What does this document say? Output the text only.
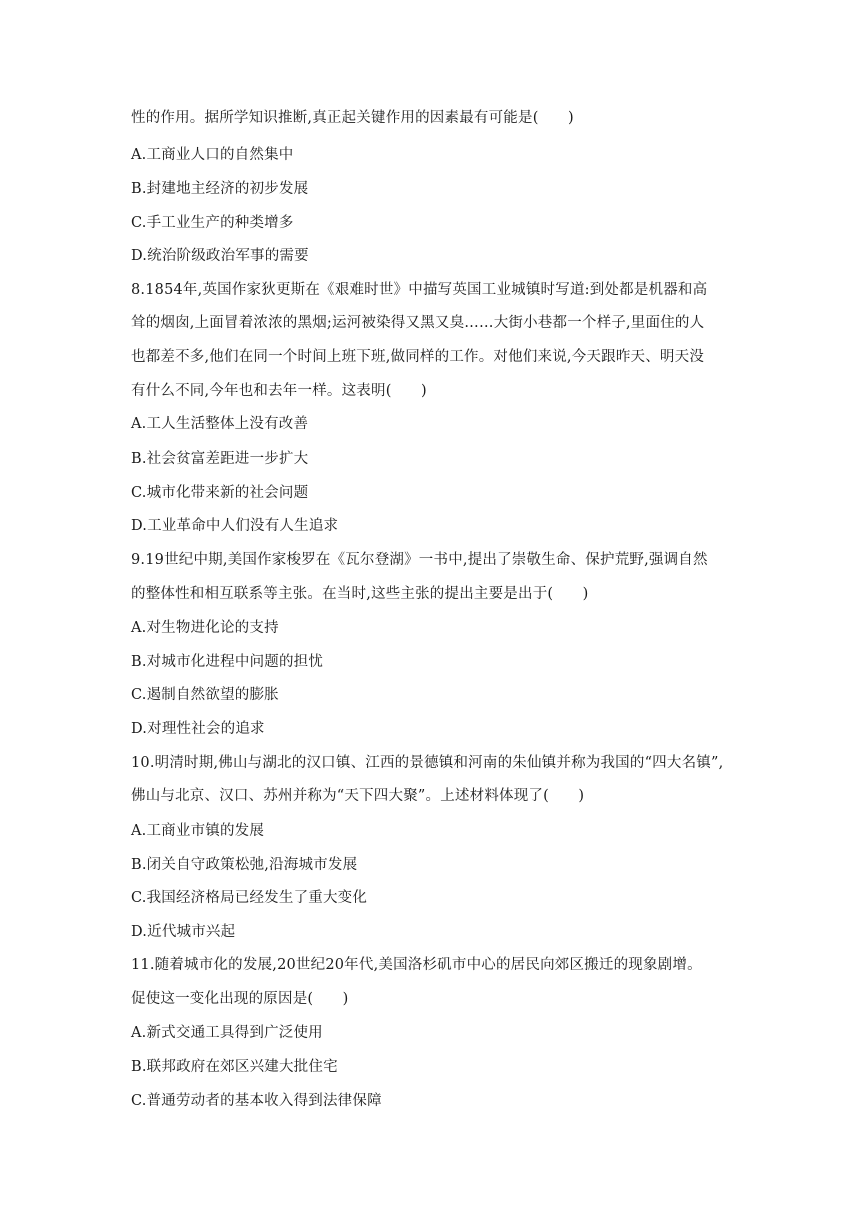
性的作用。据所学知识推断,真正起关键作用的因素最有可能是(　　)
A.工商业人口的自然集中
B.封建地主经济的初步发展
C.手工业生产的种类增多
D.统治阶级政治军事的需要
8.1854年,英国作家狄更斯在《艰难时世》中描写英国工业城镇时写道:到处都是机器和高
耸的烟囱,上面冒着浓浓的黑烟;运河被染得又黑又臭……大街小巷都一个样子,里面住的人
也都差不多,他们在同一个时间上班下班,做同样的工作。对他们来说,今天跟昨天、明天没
有什么不同,今年也和去年一样。这表明(　　)
A.工人生活整体上没有改善
B.社会贫富差距进一步扩大
C.城市化带来新的社会问题
D.工业革命中人们没有人生追求
9.19世纪中期,美国作家梭罗在《瓦尔登湖》一书中,提出了崇敬生命、保护荒野,强调自然
的整体性和相互联系等主张。在当时,这些主张的提出主要是出于(　　)
A.对生物进化论的支持
B.对城市化进程中问题的担忧
C.遏制自然欲望的膨胀
D.对理性社会的追求
10.明清时期,佛山与湖北的汉口镇、江西的景德镇和河南的朱仙镇并称为我国的“四大名镇”,
佛山与北京、汉口、苏州并称为“天下四大聚”。上述材料体现了(　　)
A.工商业市镇的发展
B.闭关自守政策松弛,沿海城市发展
C.我国经济格局已经发生了重大变化
D.近代城市兴起
11.随着城市化的发展,20世纪20年代,美国洛杉矶市中心的居民向郊区搬迁的现象剧增。
促使这一变化出现的原因是(　　)
A.新式交通工具得到广泛使用
B.联邦政府在郊区兴建大批住宅
C.普通劳动者的基本收入得到法律保障
